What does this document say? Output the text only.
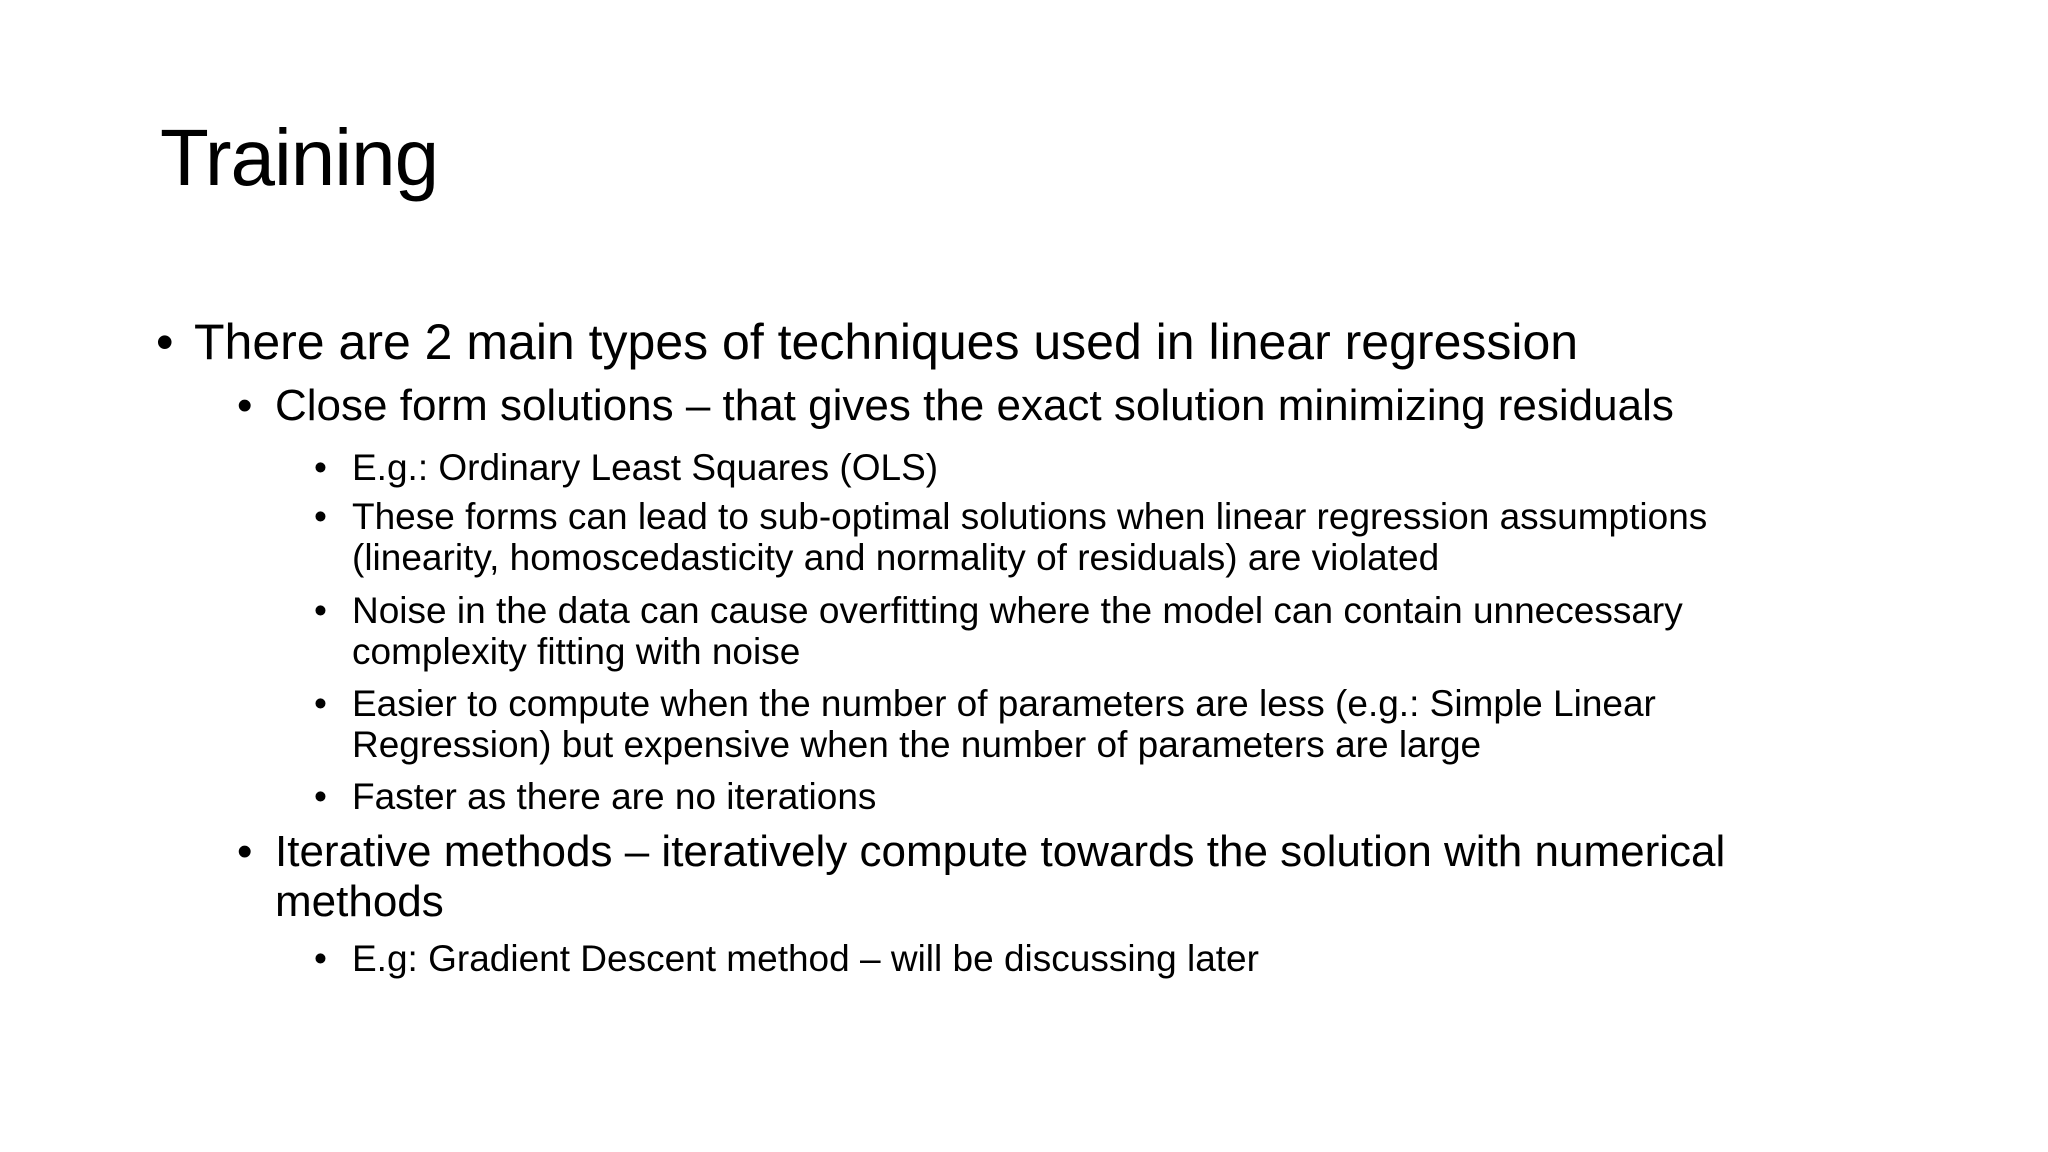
Training
• There are 2 main types of techniques used in linear regression
• Close form solutions – that gives the exact solution minimizing residuals
• E.g.: Ordinary Least Squares (OLS)
• These forms can lead to sub-optimal solutions when linear regression assumptions (linearity, homoscedasticity and normality of residuals) are violated
• Noise in the data can cause overfitting where the model can contain unnecessary complexity fitting with noise
• Easier to compute when the number of parameters are less (e.g.: Simple Linear Regression) but expensive when the number of parameters are large
• Faster as there are no iterations
• Iterative methods – iteratively compute towards the solution with numerical methods
• E.g: Gradient Descent method – will be discussing later
